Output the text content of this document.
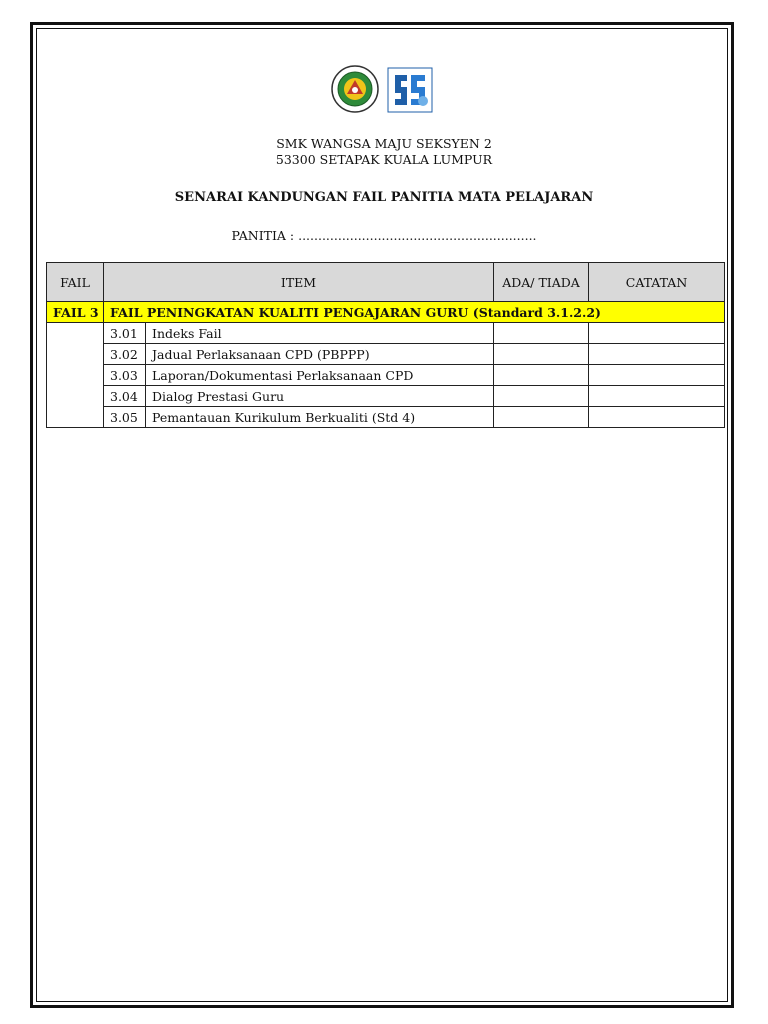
SMK WANGSA MAJU SEKSYEN 2
53300 SETAPAK KUALA LUMPUR
SENARAI KANDUNGAN FAIL PANITIA MATA PELAJARAN
PANITIA : ............................................................
FAIL	ITEM		ADA/ TIADA	CATATAN
FAIL 3	FAIL PENINGKATAN KUALITI PENGAJARAN GURU (Standard 3.1.2.2)			
	3.01	Indeks Fail		
	3.02	Jadual Perlaksanaan CPD (PBPPP)		
	3.03	Laporan/Dokumentasi Perlaksanaan CPD		
	3.04	Dialog Prestasi Guru		
	3.05	Pemantauan Kurikulum Berkualiti (Std 4)		
